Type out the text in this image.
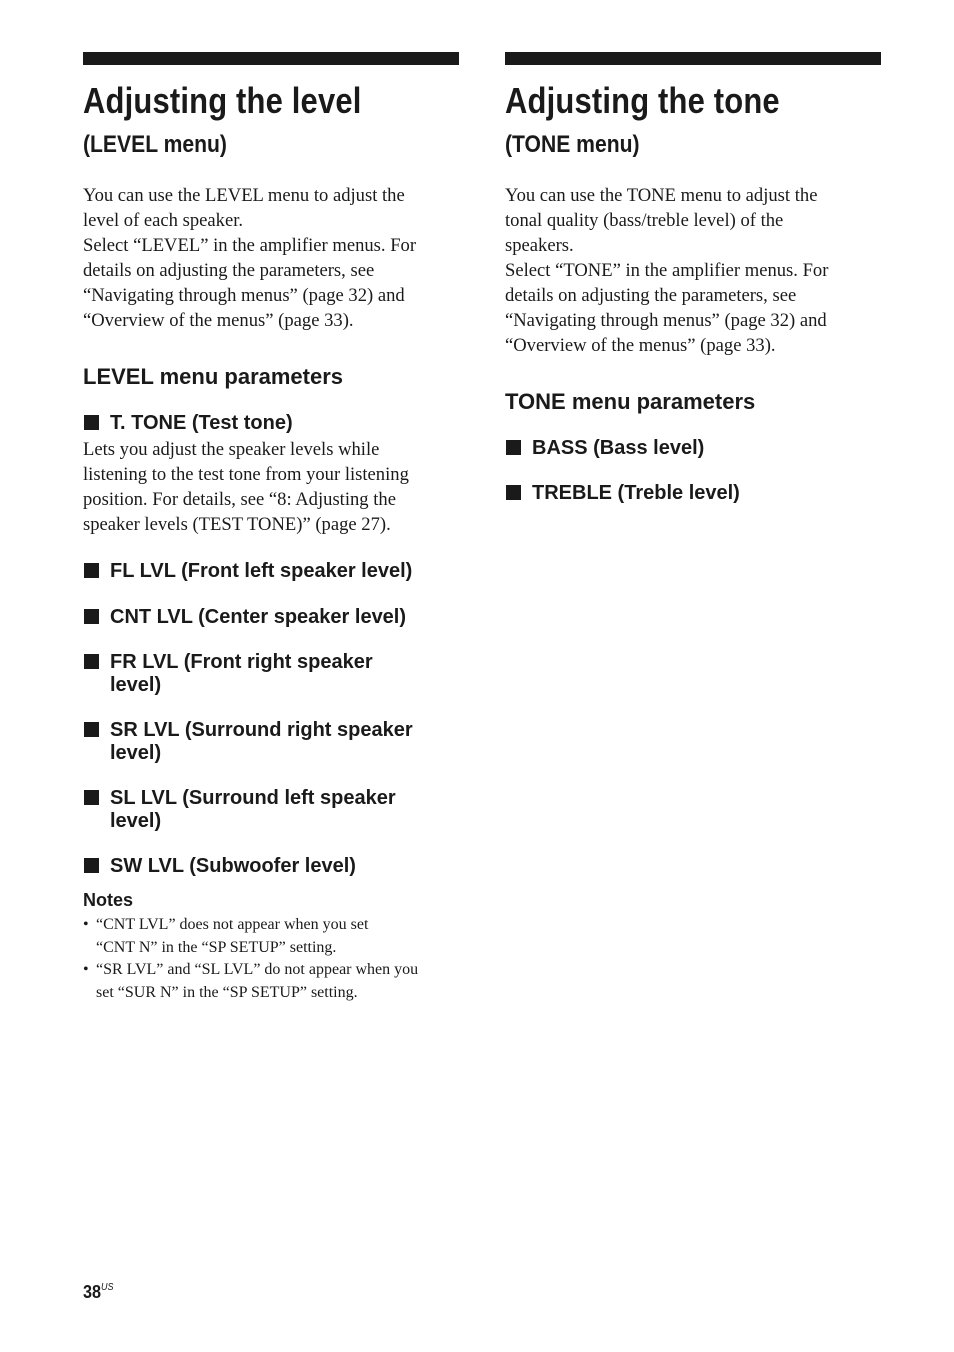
Adjusting the level
(LEVEL menu)

You can use the LEVEL menu to adjust the
level of each speaker.
Select “LEVEL” in the amplifier menus. For
details on adjusting the parameters, see
“Navigating through menus” (page 32) and
“Overview of the menus” (page 33).

LEVEL menu parameters
T. TONE (Test tone)

Lets you adjust the speaker levels while
listening to the test tone from your listening
position. For details, see “8: Adjusting the
speaker levels (TEST TONE)” (page 27).

FL LVL (Front left speaker level)
CNT LVL (Center speaker level)
FR LVL (Front right speaker
level)
SR LVL (Surround right speaker
level)
SL LVL (Surround left speaker
level)
SW LVL (Subwoofer level)
Notes
• “CNT LVL” does not appear when you set
“CNT N” in the “SP SETUP” setting.
• “SR LVL” and “SL LVL” do not appear when you
set “SUR N” in the “SP SETUP” setting.
Adjusting the tone
(TONE menu)

You can use the TONE menu to adjust the
tonal quality (bass/treble level) of the
speakers.
Select “TONE” in the amplifier menus. For
details on adjusting the parameters, see
“Navigating through menus” (page 32) and
“Overview of the menus” (page 33).

TONE menu parameters
BASS (Bass level)
TREBLE (Treble level)
$38^{US}$
